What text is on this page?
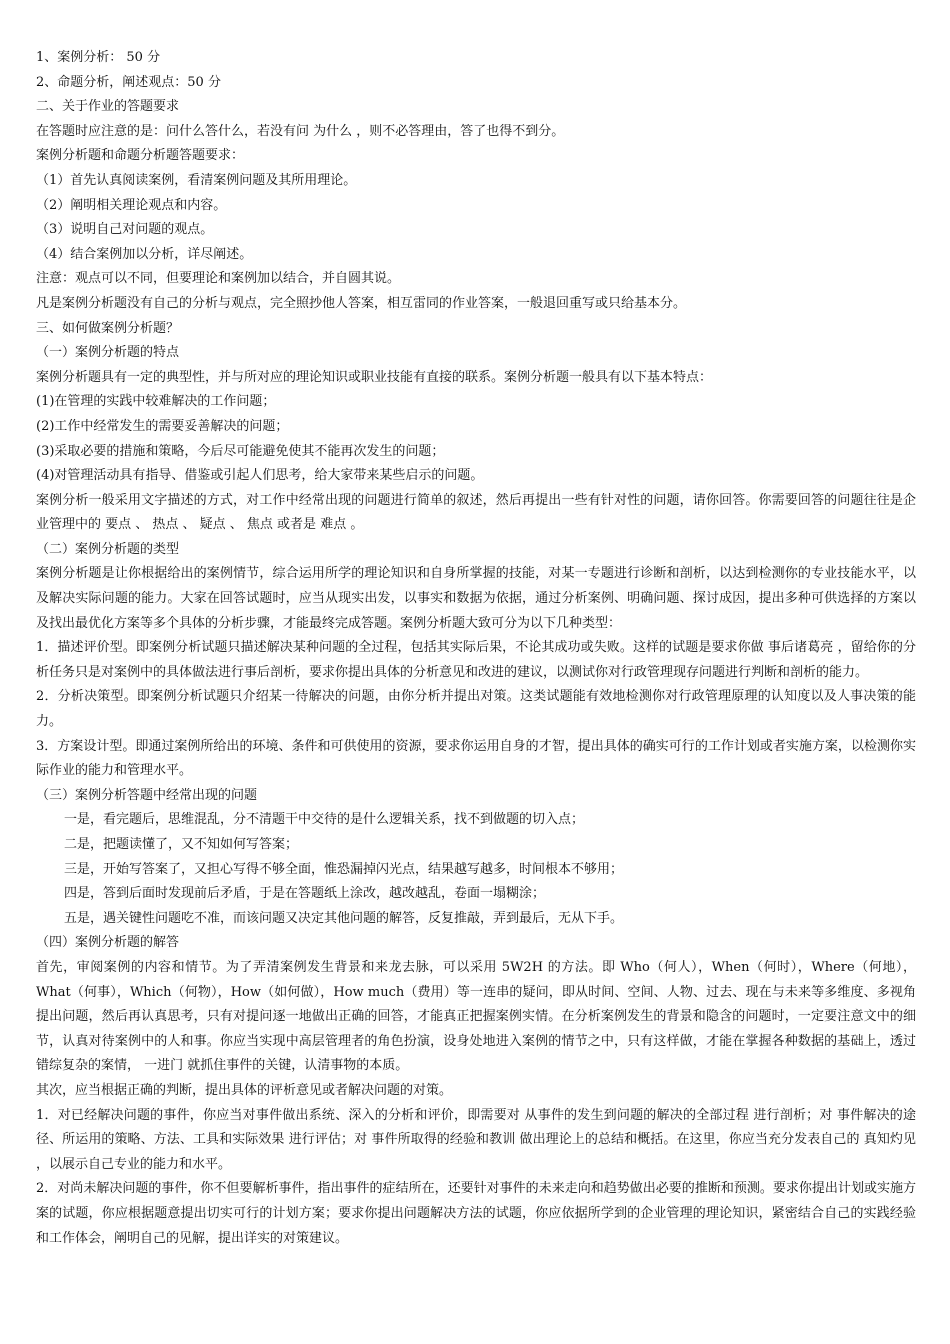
1、案例分析： 50 分

2、命题分析，阐述观点：50 分

二、关于作业的答题要求

在答题时应注意的是：问什么答什么，若没有问 为什么 ，则不必答理由，答了也得不到分。

案例分析题和命题分析题答题要求：

（1）首先认真阅读案例，看清案例问题及其所用理论。

（2）阐明相关理论观点和内容。

（3）说明自己对问题的观点。

（4）结合案例加以分析，详尽阐述。

注意：观点可以不同，但要理论和案例加以结合，并自圆其说。

凡是案例分析题没有自己的分析与观点，完全照抄他人答案，相互雷同的作业答案，一般退回重写或只给基本分。

三、如何做案例分析题？

（一）案例分析题的特点

案例分析题具有一定的典型性，并与所对应的理论知识或职业技能有直接的联系。案例分析题一般具有以下基本特点：

(1)在管理的实践中较难解决的工作问题；

(2)工作中经常发生的需要妥善解决的问题；

(3)采取必要的措施和策略，今后尽可能避免使其不能再次发生的问题；

(4)对管理活动具有指导、借鉴或引起人们思考，给大家带来某些启示的问题。

案例分析一般采用文字描述的方式，对工作中经常出现的问题进行简单的叙述，然后再提出一些有针对性的问题，请你回答。你需要回答的问题往往是企业管理中的 要点 、 热点 、 疑点 、 焦点 或者是 难点 。

（二）案例分析题的类型

案例分析题是让你根据给出的案例情节，综合运用所学的理论知识和自身所掌握的技能，对某一专题进行诊断和剖析，以达到检测你的专业技能水平，以及解决实际问题的能力。大家在回答试题时，应当从现实出发，以事实和数据为依据，通过分析案例、明确问题、探讨成因，提出多种可供选择的方案以及找出最优化方案等多个具体的分析步骤，才能最终完成答题。案例分析题大致可分为以下几种类型：

1．描述评价型。即案例分析试题只描述解决某种问题的全过程，包括其实际后果，不论其成功或失败。这样的试题是要求你做 事后诸葛亮 ，留给你的分析任务只是对案例中的具体做法进行事后剖析，要求你提出具体的分析意见和改进的建议，以测试你对行政管理现存问题进行判断和剖析的能力。

2．分析决策型。即案例分析试题只介绍某一待解决的问题，由你分析并提出对策。这类试题能有效地检测你对行政管理原理的认知度以及人事决策的能力。

3．方案设计型。即通过案例所给出的环境、条件和可供使用的资源，要求你运用自身的才智，提出具体的确实可行的工作计划或者实施方案，以检测你实际作业的能力和管理水平。

（三）案例分析答题中经常出现的问题

一是，看完题后，思维混乱，分不清题干中交待的是什么逻辑关系，找不到做题的切入点；

二是，把题读懂了，又不知如何写答案；

三是，开始写答案了，又担心写得不够全面，惟恐漏掉闪光点，结果越写越多，时间根本不够用；

四是，答到后面时发现前后矛盾，于是在答题纸上涂改，越改越乱，卷面一塌糊涂；

五是，遇关键性问题吃不准，而该问题又决定其他问题的解答，反复推敲，弄到最后，无从下手。

（四）案例分析题的解答

首先，审阅案例的内容和情节。为了弄清案例发生背景和来龙去脉，可以采用 5W2H 的方法。即 Who（何人），When（何时），Where（何地），What（何事），Which（何物），How（如何做），How much（费用）等一连串的疑问，即从时间、空间、人物、过去、现在与未来等多维度、多视角提出问题，然后再认真思考，只有对提问逐一地做出正确的回答，才能真正把握案例实情。在分析案例发生的背景和隐含的问题时，一定要注意文中的细节，认真对待案例中的人和事。你应当实现中高层管理者的角色扮演，设身处地进入案例的情节之中，只有这样做，才能在掌握各种数据的基础上，透过错综复杂的案情， 一进门 就抓住事件的关键，认清事物的本质。

其次，应当根据正确的判断，提出具体的评析意见或者解决问题的对策。

1．对已经解决问题的事件，你应当对事件做出系统、深入的分析和评价，即需要对 从事件的发生到问题的解决的全部过程 进行剖析；对 事件解决的途径、所运用的策略、方法、工具和实际效果 进行评估；对 事件所取得的经验和教训 做出理论上的总结和概括。在这里，你应当充分发表自己的 真知灼见 ，以展示自己专业的能力和水平。

2．对尚未解决问题的事件，你不但要解析事件，指出事件的症结所在，还要针对事件的未来走向和趋势做出必要的推断和预测。要求你提出计划或实施方案的试题，你应根据题意提出切实可行的计划方案；要求你提出问题解决方法的试题，你应依据所学到的企业管理的理论知识，紧密结合自己的实践经验和工作体会，阐明自己的见解，提出详实的对策建议。
